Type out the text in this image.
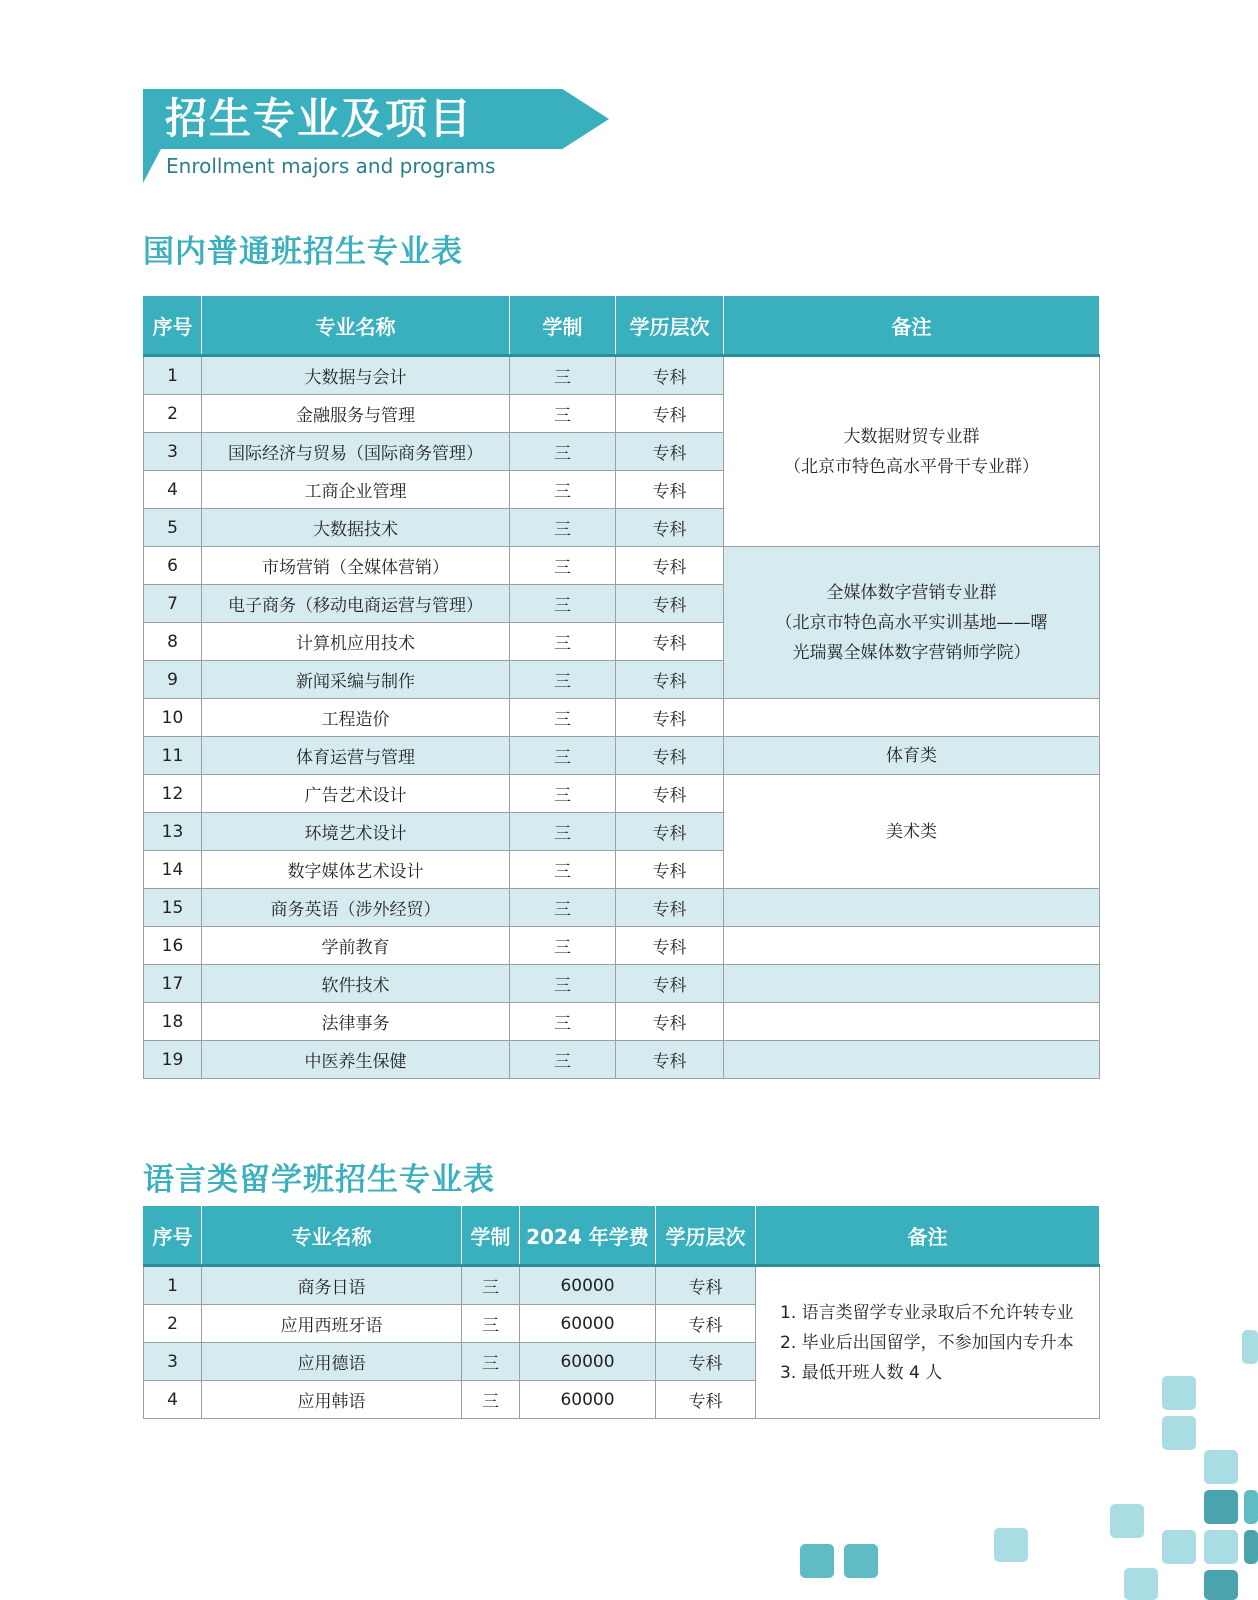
招生专业及项目
Enrollment majors and programs
国内普通班招生专业表
序号	专业名称	学制	学历层次	备注
1	大数据与会计	三	专科	大数据财贸专业群
（北京市特色高水平骨干专业群）

2	金融服务与管理	三	专科	
3	国际经济与贸易（国际商务管理）	三	专科	
4	工商企业管理	三	专科	
5	大数据技术	三	专科	
6	市场营销（全媒体营销）	三	专科	全媒体数字营销专业群
（北京市特色高水平实训基地——曙
光瑞翼全媒体数字营销师学院）

7	电子商务（移动电商运营与管理）	三	专科	
8	计算机应用技术	三	专科	
9	新闻采编与制作	三	专科	
10	工程造价	三	专科	
11	体育运营与管理	三	专科	体育类
12	广告艺术设计	三	专科	美术类
13	环境艺术设计	三	专科	
14	数字媒体艺术设计	三	专科	
15	商务英语（涉外经贸）	三	专科	
16	学前教育	三	专科	
17	软件技术	三	专科	
18	法律事务	三	专科	
19	中医养生保健	三	专科	
语言类留学班招生专业表
序号	专业名称	学制	2024 年学费	学历层次	备注
1	商务日语	三	60000	专科	1. 语言类留学专业录取后不允许转专业
2. 毕业后出国留学，不参加国内专升本
3. 最低开班人数 4 人

2	应用西班牙语	三	60000	专科	
3	应用德语	三	60000	专科	
4	应用韩语	三	60000	专科	
